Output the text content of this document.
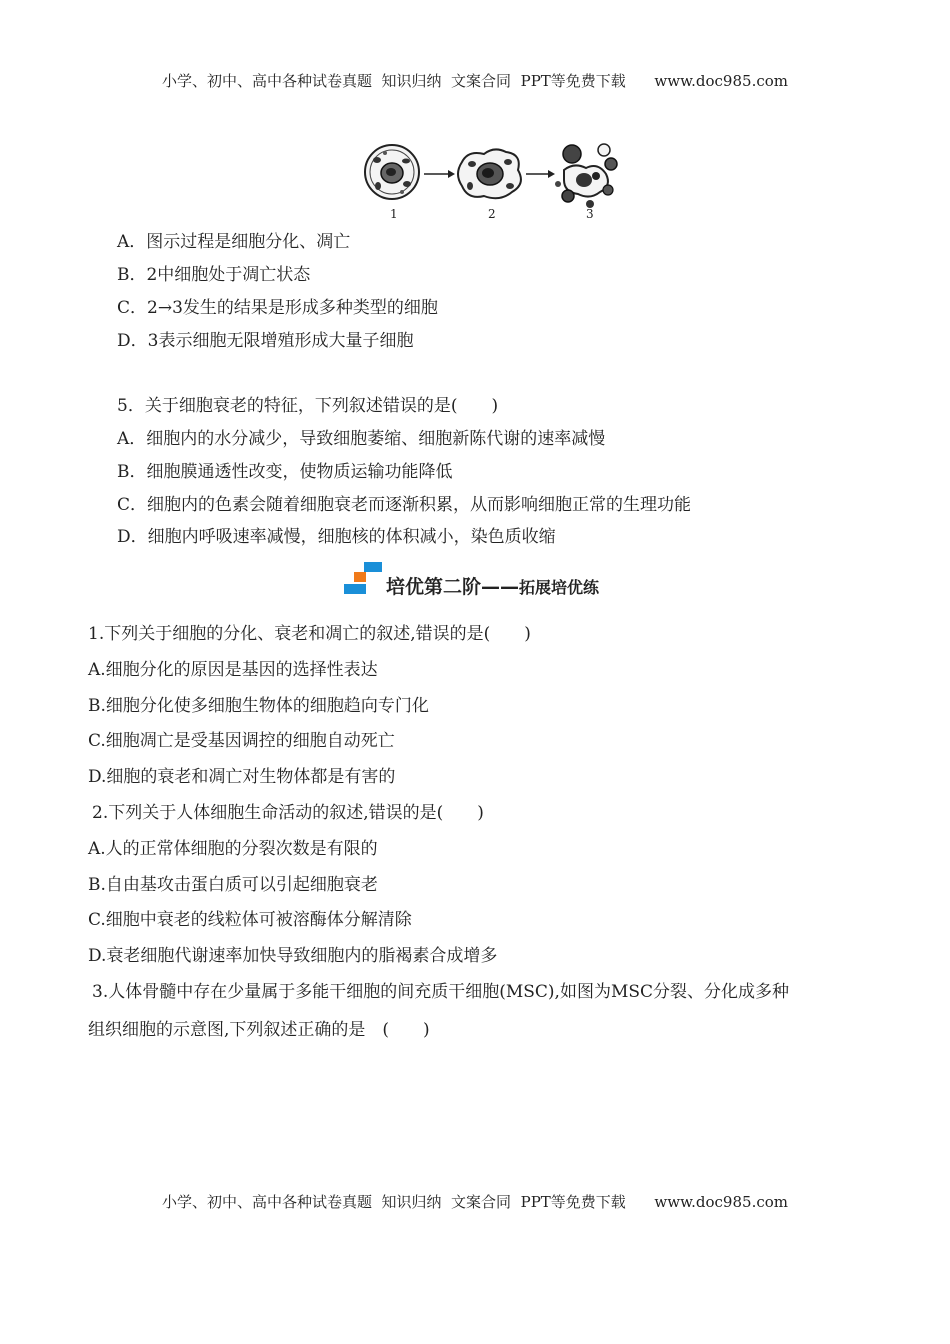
小学、初中、高中各种试卷真题  知识归纳  文案合同  PPT等免费下载      www.doc985.com
1	2	3
A．图示过程是细胞分化、凋亡
B．2中细胞处于凋亡状态
C．2→3发生的结果是形成多种类型的细胞
D．3表示细胞无限增殖形成大量子细胞
5．关于细胞衰老的特征，下列叙述错误的是(　　)
A．细胞内的水分减少，导致细胞萎缩、细胞新陈代谢的速率减慢
B．细胞膜通透性改变，使物质运输功能降低
C．细胞内的色素会随着细胞衰老而逐渐积累，从而影响细胞正常的生理功能
D．细胞内呼吸速率减慢，细胞核的体积减小，染色质收缩
培优第二阶——拓展培优练
1.下列关于细胞的分化、衰老和凋亡的叙述,错误的是(　　)
A.细胞分化的原因是基因的选择性表达
B.细胞分化使多细胞生物体的细胞趋向专门化
C.细胞凋亡是受基因调控的细胞自动死亡
D.细胞的衰老和凋亡对生物体都是有害的
2.下列关于人体细胞生命活动的叙述,错误的是(　　)
A.人的正常体细胞的分裂次数是有限的
B.自由基攻击蛋白质可以引起细胞衰老
C.细胞中衰老的线粒体可被溶酶体分解清除
D.衰老细胞代谢速率加快导致细胞内的脂褐素合成增多
3.人体骨髓中存在少量属于多能干细胞的间充质干细胞(MSC),如图为MSC分裂、分化成多种
组织细胞的示意图,下列叙述正确的是　(　　)
小学、初中、高中各种试卷真题  知识归纳  文案合同  PPT等免费下载      www.doc985.com
